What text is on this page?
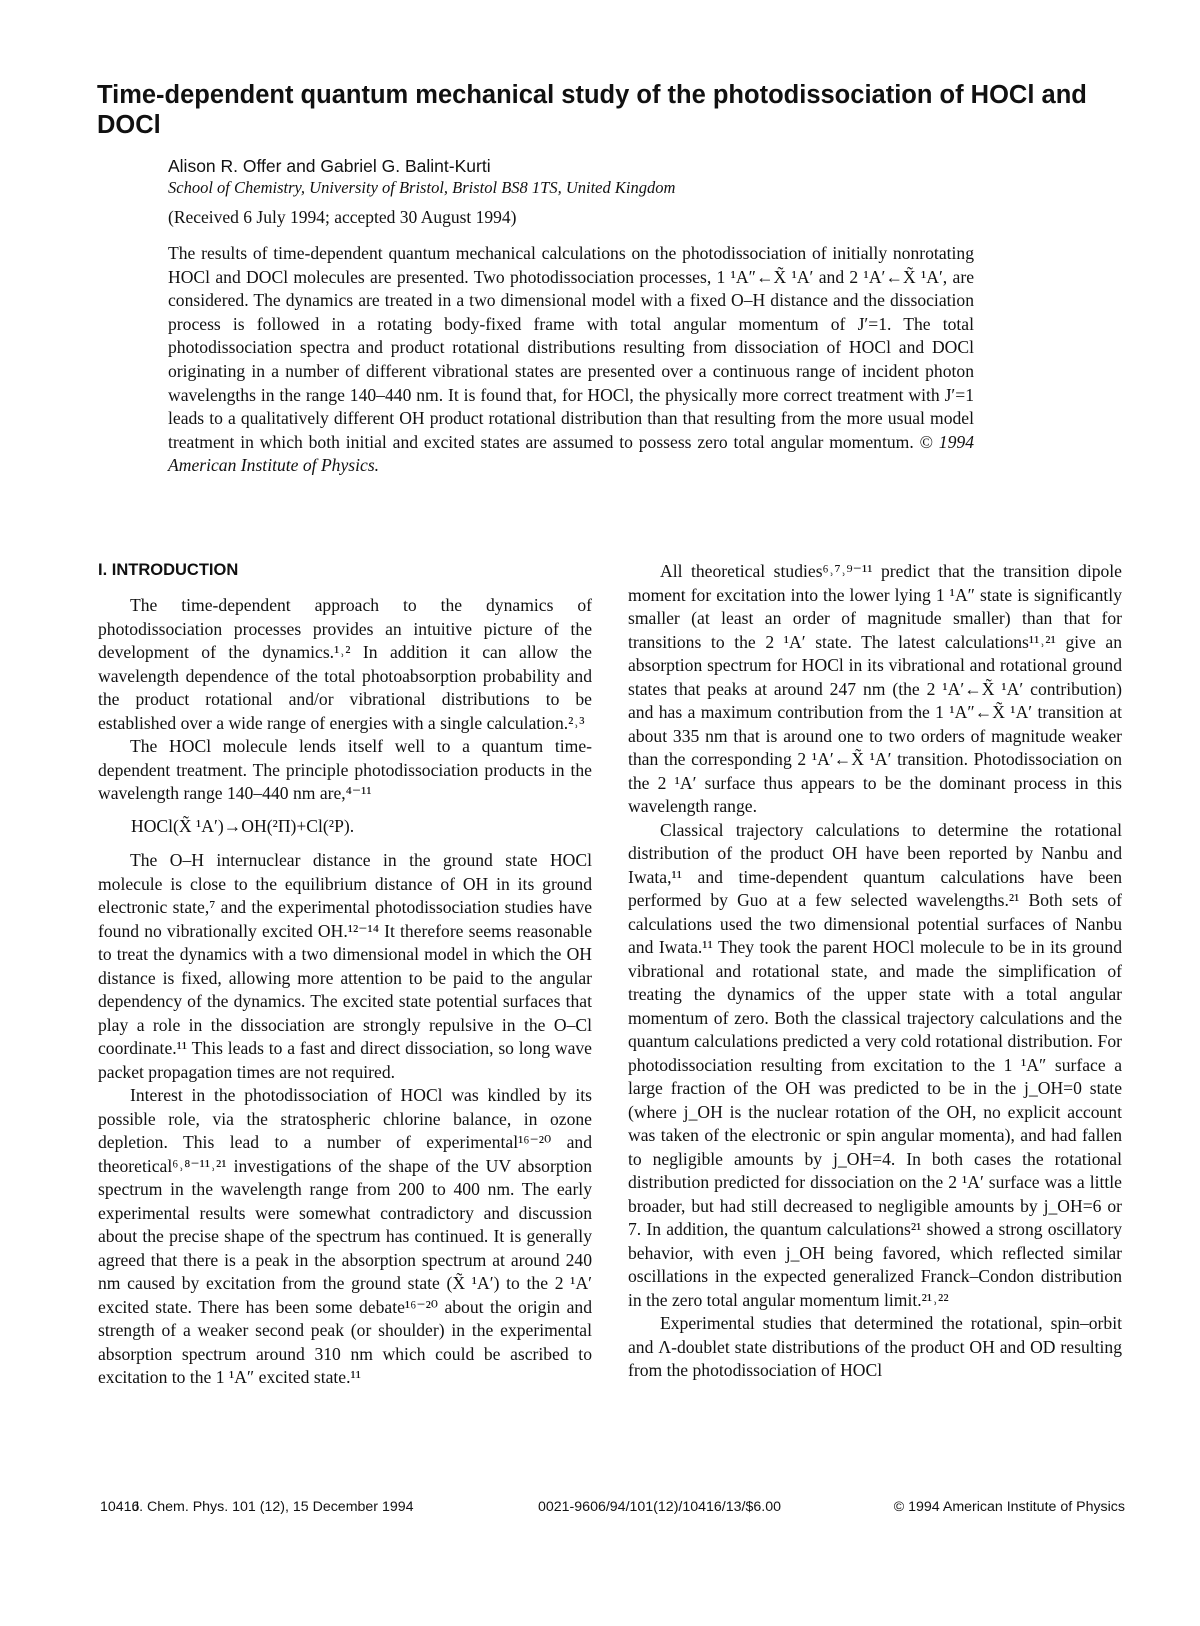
Time-dependent quantum mechanical study of the photodissociation of HOCl and DOCl
Alison R. Offer and Gabriel G. Balint-Kurti
School of Chemistry, University of Bristol, Bristol BS8 1TS, United Kingdom
(Received 6 July 1994; accepted 30 August 1994)
The results of time-dependent quantum mechanical calculations on the photodissociation of initially nonrotating HOCl and DOCl molecules are presented. Two photodissociation processes, 1 ¹A″←X̃ ¹A′ and 2 ¹A′←X̃ ¹A′, are considered. The dynamics are treated in a two dimensional model with a fixed O–H distance and the dissociation process is followed in a rotating body-fixed frame with total angular momentum of J′=1. The total photodissociation spectra and product rotational distributions resulting from dissociation of HOCl and DOCl originating in a number of different vibrational states are presented over a continuous range of incident photon wavelengths in the range 140–440 nm. It is found that, for HOCl, the physically more correct treatment with J′=1 leads to a qualitatively different OH product rotational distribution than that resulting from the more usual model treatment in which both initial and excited states are assumed to possess zero total angular momentum. © 1994 American Institute of Physics.
I. INTRODUCTION

The time-dependent approach to the dynamics of photodissociation processes provides an intuitive picture of the development of the dynamics.¹˒² In addition it can allow the wavelength dependence of the total photoabsorption probability and the product rotational and/or vibrational distributions to be established over a wide range of energies with a single calculation.²˒³

The HOCl molecule lends itself well to a quantum time-dependent treatment. The principle photodissociation products in the wavelength range 140–440 nm are,⁴⁻¹¹

HOCl(X̃ ¹A′)→OH(²Π)+Cl(²P).

The O–H internuclear distance in the ground state HOCl molecule is close to the equilibrium distance of OH in its ground electronic state,⁷ and the experimental photodissociation studies have found no vibrationally excited OH.¹²⁻¹⁴ It therefore seems reasonable to treat the dynamics with a two dimensional model in which the OH distance is fixed, allowing more attention to be paid to the angular dependency of the dynamics. The excited state potential surfaces that play a role in the dissociation are strongly repulsive in the O–Cl coordinate.¹¹ This leads to a fast and direct dissociation, so long wave packet propagation times are not required.

Interest in the photodissociation of HOCl was kindled by its possible role, via the stratospheric chlorine balance, in ozone depletion. This lead to a number of experimental¹⁶⁻²⁰ and theoretical⁶˒⁸⁻¹¹˒²¹ investigations of the shape of the UV absorption spectrum in the wavelength range from 200 to 400 nm. The early experimental results were somewhat contradictory and discussion about the precise shape of the spectrum has continued. It is generally agreed that there is a peak in the absorption spectrum at around 240 nm caused by excitation from the ground state (X̃ ¹A′) to the 2 ¹A′ excited state. There has been some debate¹⁶⁻²⁰ about the origin and strength of a weaker second peak (or shoulder) in the experimental absorption spectrum around 310 nm which could be ascribed to excitation to the 1 ¹A″ excited state.¹¹

All theoretical studies⁶˒⁷˒⁹⁻¹¹ predict that the transition dipole moment for excitation into the lower lying 1 ¹A″ state is significantly smaller (at least an order of magnitude smaller) than that for transitions to the 2 ¹A′ state. The latest calculations¹¹˒²¹ give an absorption spectrum for HOCl in its vibrational and rotational ground states that peaks at around 247 nm (the 2 ¹A′←X̃ ¹A′ contribution) and has a maximum contribution from the 1 ¹A″←X̃ ¹A′ transition at about 335 nm that is around one to two orders of magnitude weaker than the corresponding 2 ¹A′←X̃ ¹A′ transition. Photodissociation on the 2 ¹A′ surface thus appears to be the dominant process in this wavelength range.

Classical trajectory calculations to determine the rotational distribution of the product OH have been reported by Nanbu and Iwata,¹¹ and time-dependent quantum calculations have been performed by Guo at a few selected wavelengths.²¹ Both sets of calculations used the two dimensional potential surfaces of Nanbu and Iwata.¹¹ They took the parent HOCl molecule to be in its ground vibrational and rotational state, and made the simplification of treating the dynamics of the upper state with a total angular momentum of zero. Both the classical trajectory calculations and the quantum calculations predicted a very cold rotational distribution. For photodissociation resulting from excitation to the 1 ¹A″ surface a large fraction of the OH was predicted to be in the j_OH=0 state (where j_OH is the nuclear rotation of the OH, no explicit account was taken of the electronic or spin angular momenta), and had fallen to negligible amounts by j_OH=4. In both cases the rotational distribution predicted for dissociation on the 2 ¹A′ surface was a little broader, but had still decreased to negligible amounts by j_OH=6 or 7. In addition, the quantum calculations²¹ showed a strong oscillatory behavior, with even j_OH being favored, which reflected similar oscillations in the expected generalized Franck–Condon distribution in the zero total angular momentum limit.²¹˒²²

Experimental studies that determined the rotational, spin–orbit and Λ-doublet state distributions of the product OH and OD resulting from the photodissociation of HOCl

10416
J. Chem. Phys. 101 (12), 15 December 1994	0021-9606/94/101(12)/10416/13/$6.00	© 1994 American Institute of Physics
